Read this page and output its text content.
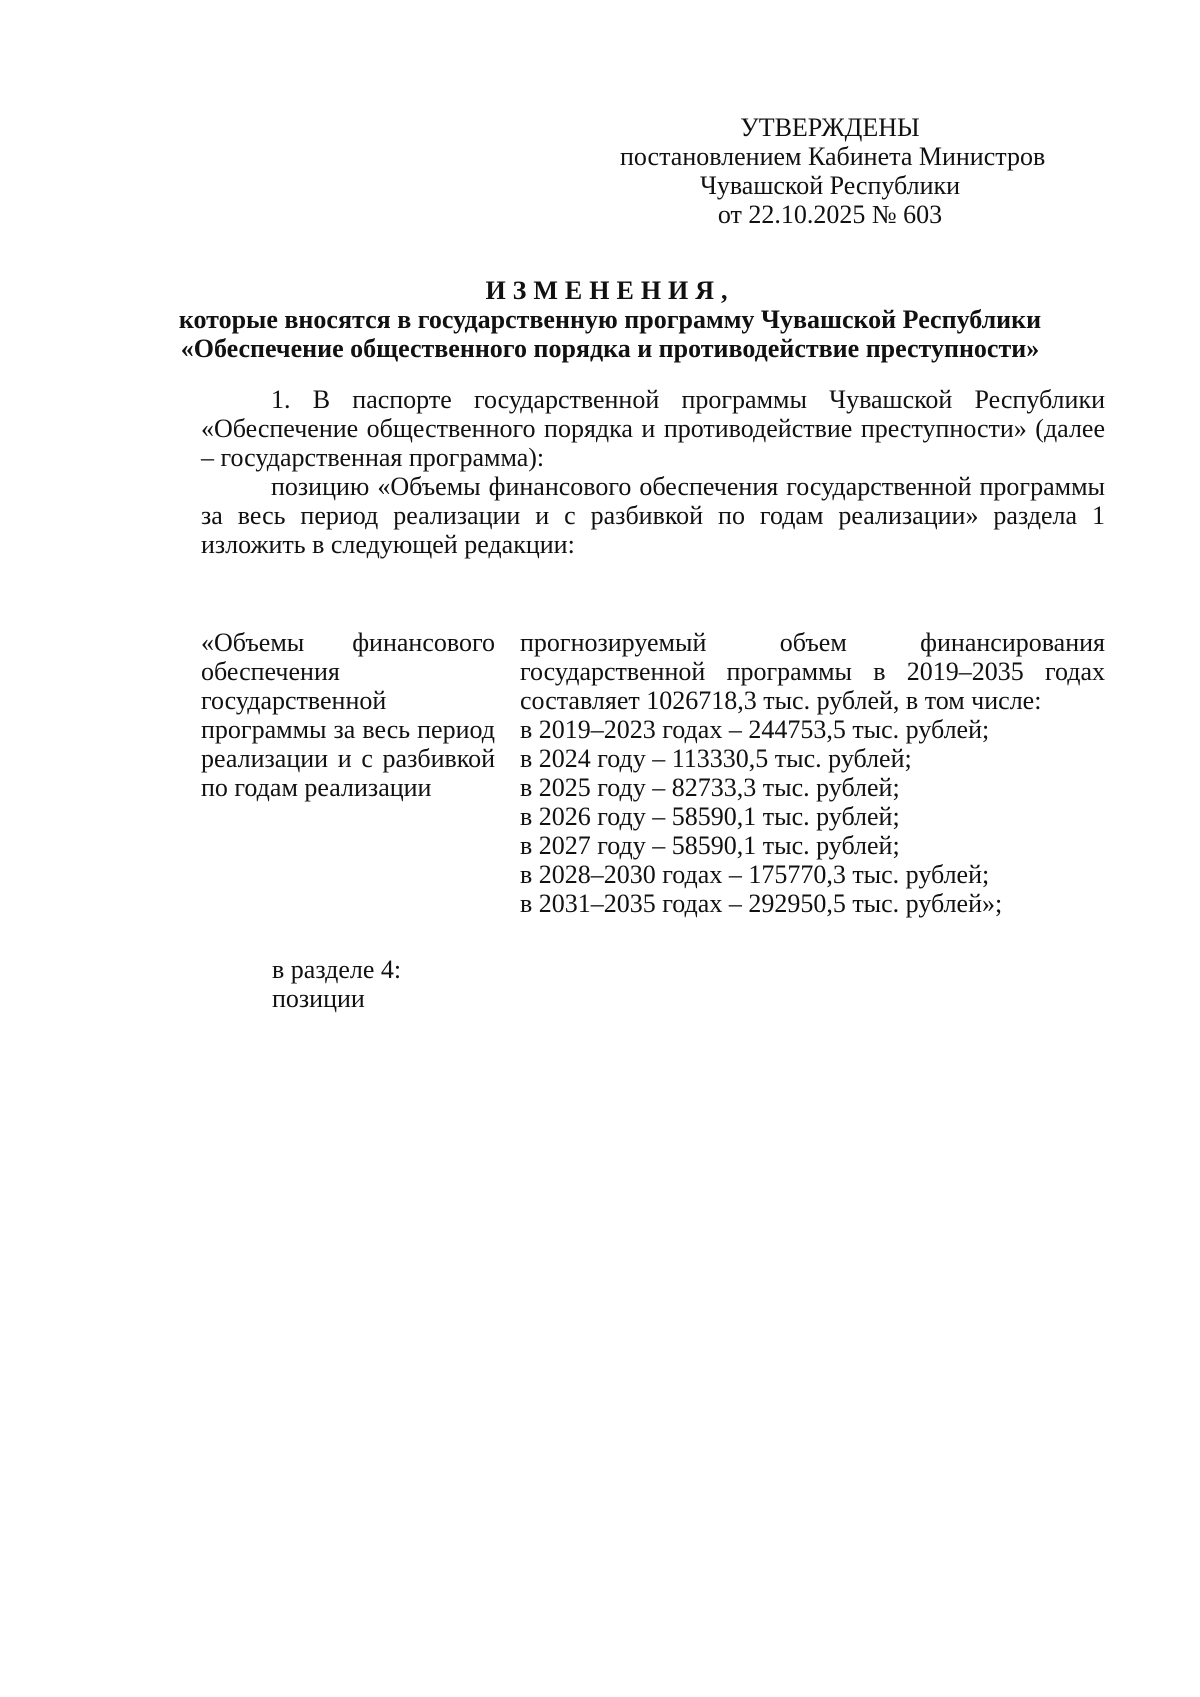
УТВЕРЖДЕНЫ
постановлением Кабинета Министров
Чувашской Республики
от 22.10.2025 № 603
ИЗМЕНЕНИЯ,
которые вносятся в государственную программу Чувашской Республики
«Обеспечение общественного порядка и противодействие преступности»

1. В паспорте государственной программы Чувашской Республики «Обеспечение общественного порядка и противодействие преступности» (далее – государственная программа):

позицию «Объемы финансового обеспечения государственной программы за весь период реализации и с разбивкой по годам реализации» раздела 1 изложить в следующей редакции:

«Объемы финансового обеспечения государственной программы за весь период реализации и с разбивкой по годам реализации
прогнозируемый объем финансирования государственной программы в 2019–2035 годах составляет 1026718,3 тыс. рублей, в том числе:
в 2019–2023 годах – 244753,5 тыс. рублей;
в 2024 году – 113330,5 тыс. рублей;
в 2025 году – 82733,3 тыс. рублей;
в 2026 году – 58590,1 тыс. рублей;
в 2027 году – 58590,1 тыс. рублей;
в 2028–2030 годах – 175770,3 тыс. рублей;
в 2031–2035 годах – 292950,5 тыс. рублей»;
в разделе 4:
позиции
